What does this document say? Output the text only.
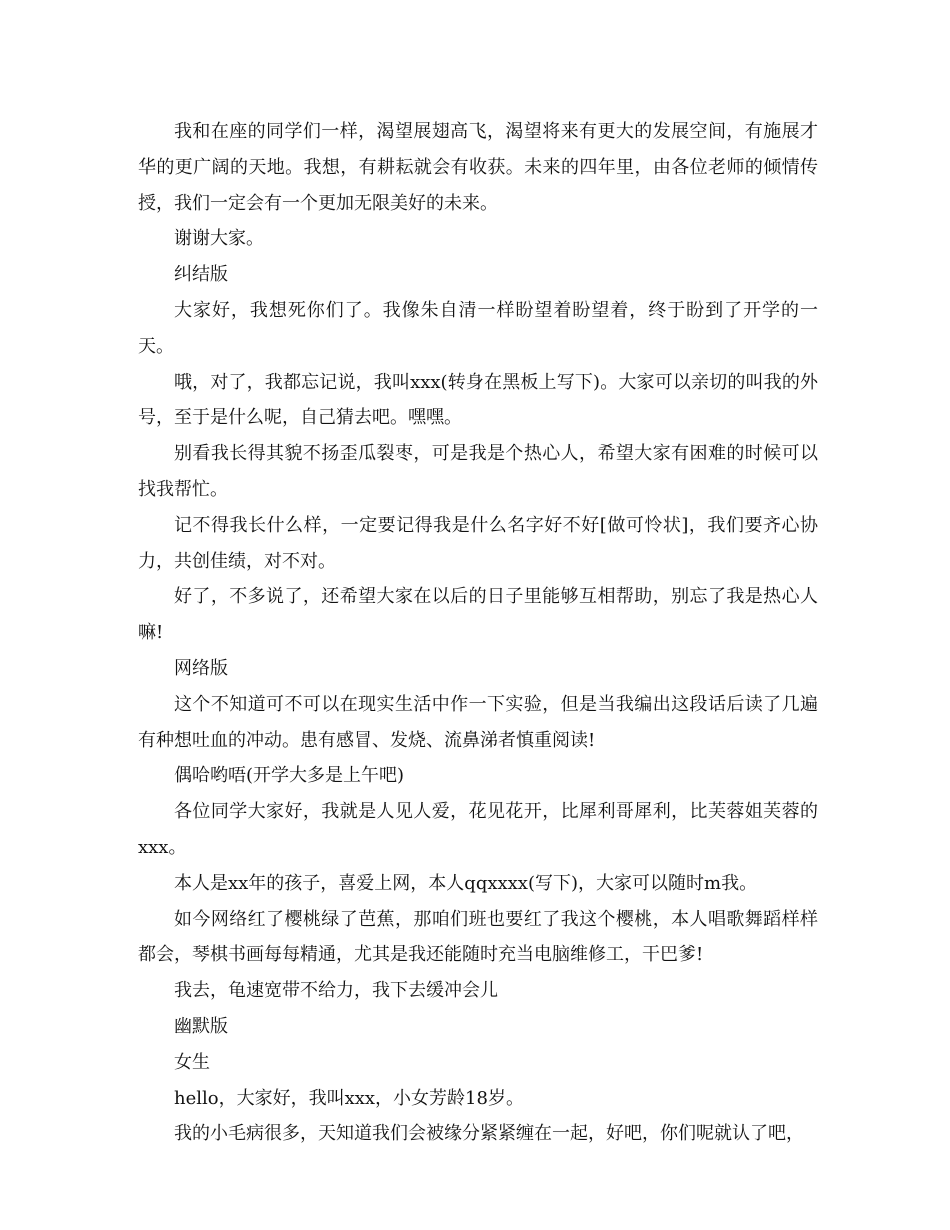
我和在座的同学们一样，渴望展翅高飞，渴望将来有更大的发展空间，有施展才华的更广阔的天地。我想，有耕耘就会有收获。未来的四年里，由各位老师的倾情传授，我们一定会有一个更加无限美好的未来。

谢谢大家。

纠结版

大家好，我想死你们了。我像朱自清一样盼望着盼望着，终于盼到了开学的一天。

哦，对了，我都忘记说，我叫xxx(转身在黑板上写下)。大家可以亲切的叫我的外号，至于是什么呢，自己猜去吧。嘿嘿。

别看我长得其貌不扬歪瓜裂枣，可是我是个热心人，希望大家有困难的时候可以找我帮忙。

记不得我长什么样，一定要记得我是什么名字好不好[做可怜状]，我们要齐心协力，共创佳绩，对不对。

好了，不多说了，还希望大家在以后的日子里能够互相帮助，别忘了我是热心人嘛!

网络版

这个不知道可不可以在现实生活中作一下实验，但是当我编出这段话后读了几遍有种想吐血的冲动。患有感冒、发烧、流鼻涕者慎重阅读!

偶哈哟唔(开学大多是上午吧)

各位同学大家好，我就是人见人爱，花见花开，比犀利哥犀利，比芙蓉姐芙蓉的xxx。

本人是xx年的孩子，喜爱上网，本人qqxxxx(写下)，大家可以随时m我。

如今网络红了樱桃绿了芭蕉，那咱们班也要红了我这个樱桃，本人唱歌舞蹈样样都会，琴棋书画每每精通，尤其是我还能随时充当电脑维修工，干巴爹!

我去，龟速宽带不给力，我下去缓冲会儿

幽默版

女生

hello，大家好，我叫xxx，小女芳龄18岁。

我的小毛病很多，天知道我们会被缘分紧紧缠在一起，好吧，你们呢就认了吧，
